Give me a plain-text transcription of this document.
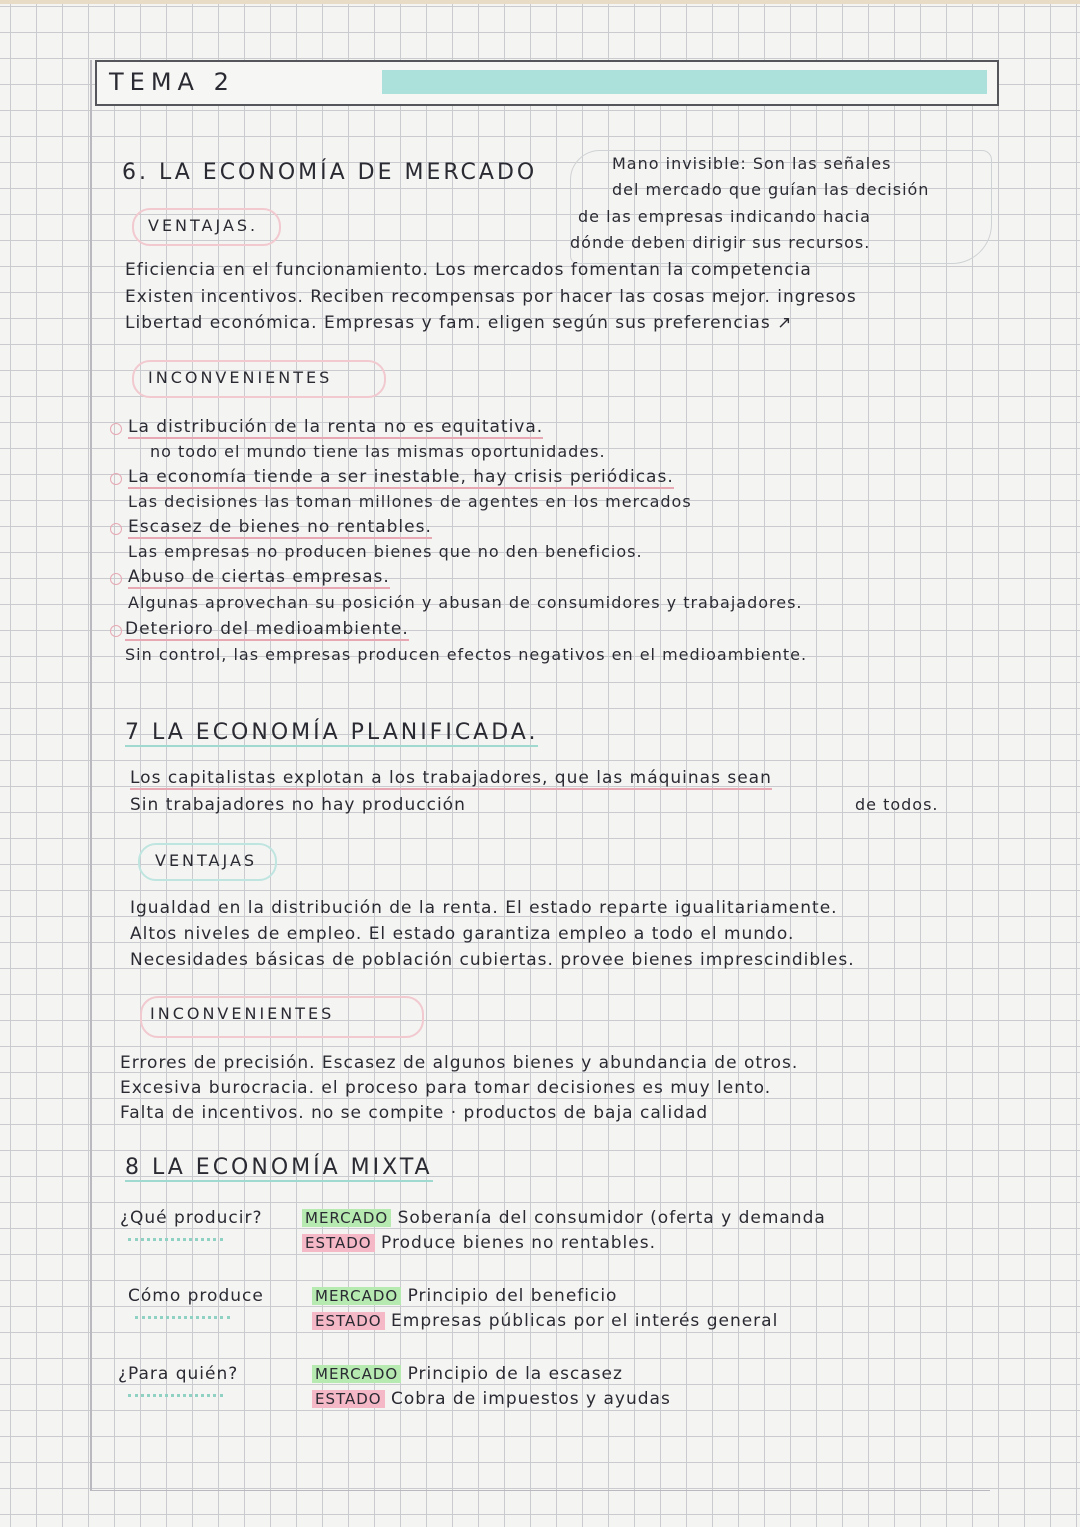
TEMA 2
6. LA ECONOMÍA DE MERCADO	Mano invisible: Son las señales
del mercado que guían las decisión
de las empresas indicando hacia
dónde deben dirigir sus recursos.
VENTAJAS.
Eficiencia en el funcionamiento. Los mercados fomentan la competencia
Existen incentivos. Reciben recompensas por hacer las cosas mejor. ingresos
Libertad económica. Empresas y fam. eligen según sus preferencias ↗
INCONVENIENTES
La distribución de la renta no es equitativa.
no todo el mundo tiene las mismas oportunidades.
La economía tiende a ser inestable, hay crisis periódicas.
Las decisiones las toman millones de agentes en los mercados
Escasez de bienes no rentables.
Las empresas no producen bienes que no den beneficios.
Abuso de ciertas empresas.
Algunas aprovechan su posición y abusan de consumidores y trabajadores.
Deterioro del medioambiente.
Sin control, las empresas producen efectos negativos en el medioambiente.
7 LA ECONOMÍA PLANIFICADA.
Los capitalistas explotan a los trabajadores, que las máquinas sean
Sin trabajadores no hay producción	de todos.
VENTAJAS
Igualdad en la distribución de la renta. El estado reparte igualitariamente.
Altos niveles de empleo. El estado garantiza empleo a todo el mundo.
Necesidades básicas de población cubiertas. provee bienes imprescindibles.
INCONVENIENTES
Errores de precisión. Escasez de algunos bienes y abundancia de otros.
Excesiva burocracia. el proceso para tomar decisiones es muy lento.
Falta de incentivos. no se compite · productos de baja calidad
8 LA ECONOMÍA MIXTA
¿Qué producir?	MERCADO Soberanía del consumidor (oferta y demanda
ESTADO Produce bienes no rentables.
Cómo produce	MERCADO Principio del beneficio
ESTADO Empresas públicas por el interés general
¿Para quién?	MERCADO Principio de la escasez
ESTADO Cobra de impuestos y ayudas
